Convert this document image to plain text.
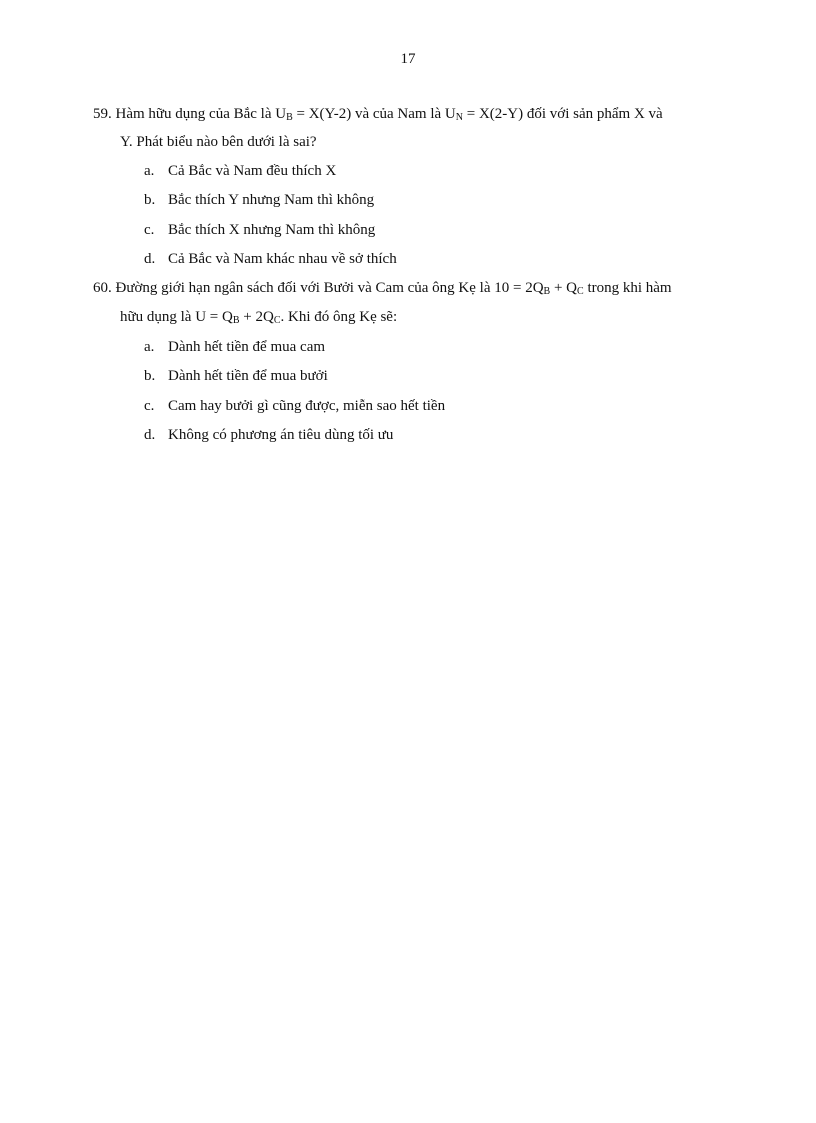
17
59. Hàm hữu dụng của Bắc là $U_B = X(Y-2)$ và của Nam là $U_N = X(2-Y)$ đối với sản phẩm X và
Y. Phát biểu nào bên dưới là sai?
a. Cả Bắc và Nam đều thích X
b. Bắc thích Y nhưng Nam thì không
c. Bắc thích X nhưng Nam thì không
d. Cả Bắc và Nam khác nhau về sở thích
60. Đường giới hạn ngân sách đối với Bưởi và Cam của ông Kẹ là $10 = 2Q_B + Q_C$ trong khi hàm
hữu dụng là $U = Q_B + 2Q_C$. Khi đó ông Kẹ sẽ:
a. Dành hết tiền để mua cam
b. Dành hết tiền để mua bưởi
c. Cam hay bưởi gì cũng được, miễn sao hết tiền
d. Không có phương án tiêu dùng tối ưu
